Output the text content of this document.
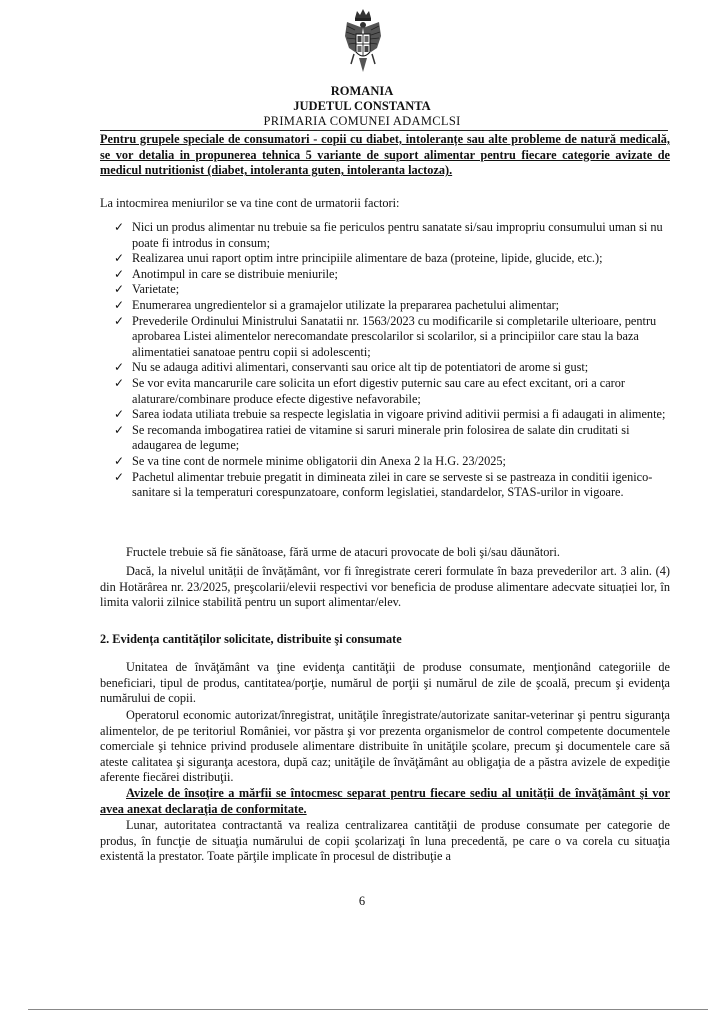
ROMANIA
JUDETUL CONSTANTA
PRIMARIA COMUNEI ADAMCLSI
Pentru grupele speciale de consumatori - copii cu diabet, intoleranțe sau alte probleme de natură medicală, se vor detalia in propunerea tehnica 5 variante de suport alimentar pentru fiecare categorie avizate de medicul nutritionist (diabet, intoleranta guten, intoleranta lactoza).
La intocmirea meniurilor se va tine cont de urmatorii factori:
✓ Nici un produs alimentar nu trebuie sa fie periculos pentru sanatate si/sau impropriu consumului uman si nu poate fi introdus in consum;
✓ Realizarea unui raport optim intre principiile alimentare de baza (proteine, lipide, glucide, etc.);
✓ Anotimpul in care se distribuie meniurile;
✓ Varietate;
✓ Enumerarea ungredientelor si a gramajelor utilizate la prepararea pachetului alimentar;
✓ Prevederile Ordinului Ministrului Sanatatii nr. 1563/2023 cu modificarile si completarile ulterioare, pentru aprobarea Listei alimentelor nerecomandate prescolarilor si scolarilor, si a principiilor care stau la baza alimentatiei sanatoae pentru copii si adolescenti;
✓ Nu se adauga aditivi alimentari, conservanti sau orice alt tip de potentiatori de arome si gust;
✓ Se vor evita mancarurile care solicita un efort digestiv puternic sau care au efect excitant, ori a caror alaturare/combinare produce efecte digestive nefavorabile;
✓ Sarea iodata utiliata trebuie sa respecte legislatia in vigoare privind aditivii permisi a fi adaugati in alimente;
✓ Se recomanda imbogatirea ratiei de vitamine si saruri minerale prin folosirea de salate din cruditati si adaugarea de legume;
✓ Se va tine cont de normele minime obligatorii din Anexa 2 la H.G. 23/2025;
✓ Pachetul alimentar trebuie pregatit in dimineata zilei in care se serveste si se pastreaza in conditii igenico-sanitare si la temperaturi corespunzatoare, conform legislatiei, standardelor, STAS-urilor in vigoare.
Fructele trebuie să fie sănătoase, fără urme de atacuri provocate de boli şi/sau dăunători.
Dacă, la nivelul unității de învățământ, vor fi înregistrate cereri formulate în baza prevederilor art. 3 alin. (4) din Hotărârea nr. 23/2025, preşcolarii/elevii respectivi vor beneficia de produse alimentare adecvate situației lor, în limita valorii zilnice stabilită pentru un suport alimentar/elev.
2. Evidența cantităților solicitate, distribuite şi consumate
Unitatea de învăţământ va ţine evidenţa cantităţii de produse consumate, menţionând categoriile de beneficiari, tipul de produs, cantitatea/porţie, numărul de porţii şi numărul de zile de şcoală, precum şi evidenţa numărului de copii.
Operatorul economic autorizat/înregistrat, unităţile înregistrate/autorizate sanitar-veterinar şi pentru siguranţa alimentelor, de pe teritoriul României, vor păstra şi vor prezenta organismelor de control competente documentele comerciale şi tehnice privind produsele alimentare distribuite în unităţile şcolare, precum şi documentele care să ateste calitatea şi siguranţa acestora, după caz; unităţile de învăţământ au obligaţia de a păstra avizele de expediţie aferente fiecărei distribuţii.
Avizele de însoţire a mărfii se întocmesc separat pentru fiecare sediu al unităţii de învăţământ şi vor avea anexat declaraţia de conformitate.
Lunar, autoritatea contractantă va realiza centralizarea cantităţii de produse consumate per categorie de produs, în funcţie de situaţia numărului de copii şcolarizaţi în luna precedentă, pe care o va corela cu situaţia existentă la prestator. Toate părţile implicate în procesul de distribuţie a
6
